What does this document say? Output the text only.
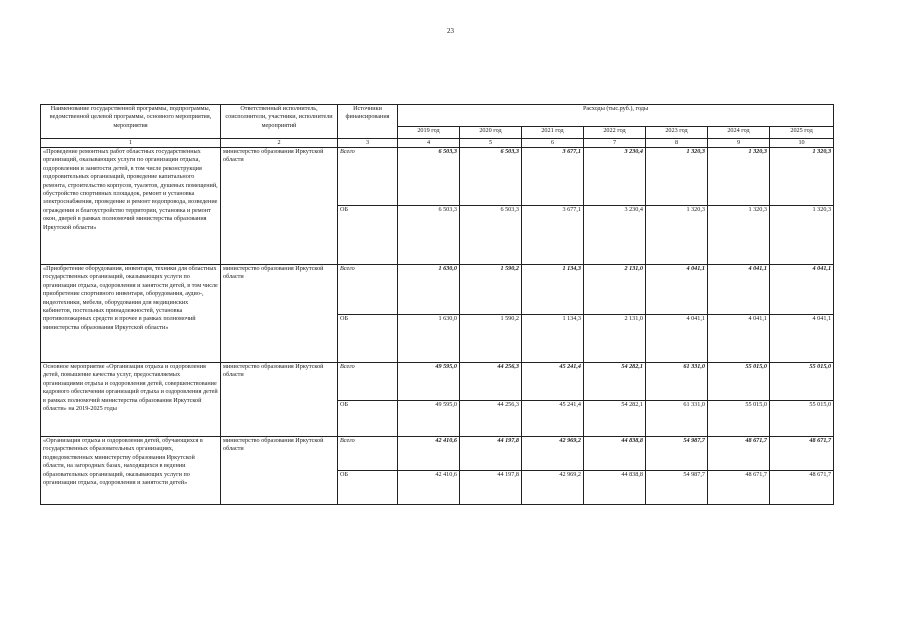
23
Наименование государственной программы, подпрограммы, ведомственной целевой программы, основного мероприятия, мероприятия	Ответственный исполнитель, соисполнители, участники, исполнители мероприятий	Источники финансирования	Расходы (тыс.руб.), годы						
			2019 год	2020 год	2021 год	2022 год	2023 год	2024 год	2025 год
1	2	3	4	5	6	7	8	9	10
«Проведение ремонтных работ областных государственных организаций, оказывающих услуги по организации отдыха, оздоровления и занятости детей, в том числе реконструкция оздоровительных организаций, проведение капитального ремонта, строительство корпусов, туалетов, душевых помещений, обустройство спортивных площадок, ремонт и установка электроснабжения, проведение и ремонт водопровода, возведение ограждения и благоустройство территории, установка и ремонт окон, дверей в рамках полномочий министерства образования Иркутской области»	министерство образования Иркутской области	Всего	6 503,3	6 503,3	3 677,1	3 230,4	1 320,3	1 320,3	1 320,3
		ОБ	6 503,3	6 503,3	3 677,1	3 230,4	1 320,3	1 320,3	1 320,3
«Приобретение оборудования, инвентаря, техники для областных государственных организаций, оказывающих услуги по организации отдыха, оздоровления и занятости детей, в том числе приобретение спортивного инвентаря, оборудования, аудио-, видеотехники, мебели, оборудования для медицинских кабинетов, постельных принадлежностей, установка противопожарных средств и прочее в рамках полномочий министерства образования Иркутской области»	министерство образования Иркутской области	Всего	1 630,0	1 590,2	1 134,3	2 131,0	4 041,1	4 041,1	4 041,1
		ОБ	1 630,0	1 590,2	1 134,3	2 131,0	4 041,1	4 041,1	4 041,1
Основное мероприятие «Организация отдыха и оздоровления детей, повышение качества услуг, предоставляемых организациями отдыха и оздоровления детей, совершенствование кадрового обеспечения организаций отдыха и оздоровления детей в рамках полномочий министерства образования Иркутской области» на 2019-2025 годы	министерство образования Иркутской области	Всего	49 595,0	44 256,3	45 241,4	54 282,1	61 331,0	55 015,0	55 015,0
		ОБ	49 595,0	44 256,3	45 241,4	54 282,1	61 331,0	55 015,0	55 015,0
«Организация отдыха и оздоровления детей, обучающихся в государственных образовательных организациях, подведомственных министерству образования Иркутской области, на загородных базах, находящихся в ведении образовательных организаций, оказывающих услуги по организации отдыха, оздоровления и занятости детей»	министерство образования Иркутской области	Всего	42 410,6	44 197,8	42 969,2	44 838,8	54 987,7	48 671,7	48 671,7
		ОБ	42 410,6	44 197,8	42 969,2	44 838,8	54 987,7	48 671,7	48 671,7
